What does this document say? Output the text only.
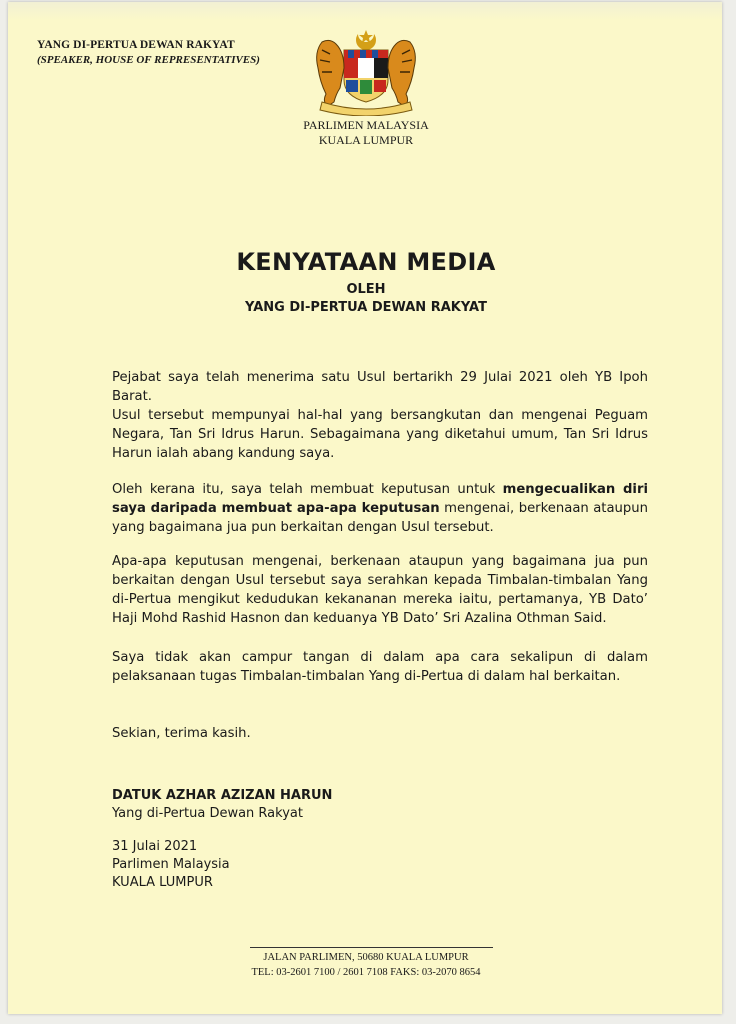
YANG DI-PERTUA DEWAN RAKYAT
(SPEAKER, HOUSE OF REPRESENTATIVES)
PARLIMEN MALAYSIA
KUALA LUMPUR
KENYATAAN MEDIA
OLEH
YANG DI-PERTUA DEWAN RAKYAT
Pejabat saya telah menerima satu Usul bertarikh 29 Julai 2021 oleh YB Ipoh Barat.
Usul tersebut mempunyai hal-hal yang bersangkutan dan mengenai Peguam Negara, Tan Sri Idrus Harun. Sebagaimana yang diketahui umum, Tan Sri Idrus Harun ialah abang kandung saya.
Oleh kerana itu, saya telah membuat keputusan untuk mengecualikan diri saya daripada membuat apa-apa keputusan mengenai, berkenaan ataupun yang bagaimana jua pun berkaitan dengan Usul tersebut.
Apa-apa keputusan mengenai, berkenaan ataupun yang bagaimana jua pun berkaitan dengan Usul tersebut saya serahkan kepada Timbalan-timbalan Yang di-Pertua mengikut kedudukan kekananan mereka iaitu, pertamanya, YB Dato’ Haji Mohd Rashid Hasnon dan keduanya YB Dato’ Sri Azalina Othman Said.
Saya tidak akan campur tangan di dalam apa cara sekalipun di dalam pelaksanaan tugas Timbalan-timbalan Yang di-Pertua di dalam hal berkaitan.
Sekian, terima kasih.
DATUK AZHAR AZIZAN HARUN
Yang di-Pertua Dewan Rakyat
31 Julai 2021
Parlimen Malaysia
KUALA LUMPUR
JALAN PARLIMEN, 50680 KUALA LUMPUR
TEL: 03-2601 7100 / 2601 7108 FAKS: 03-2070 8654
